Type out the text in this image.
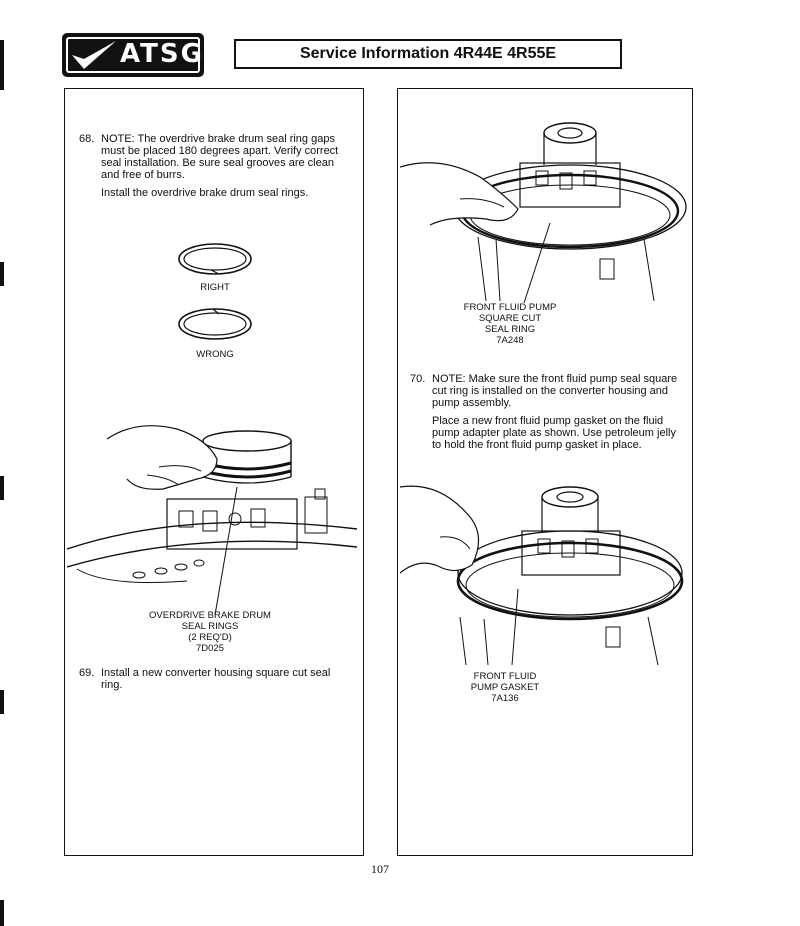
ATSG	Service Information 4R44E 4R55E
68. NOTE: The overdrive brake drum seal ring gaps
must be placed 180 degrees apart. Verify correct
seal installation. Be sure seal grooves are clean
and free of burrs.

Install the overdrive brake drum seal rings.

RIGHT
WRONG
OVERDRIVE BRAKE DRUM
SEAL RINGS
(2 REQ'D)
7D025
69. Install a new converter housing square cut seal
ring.
FRONT FLUID PUMP
SQUARE CUT
SEAL RING
7A248
70. NOTE: Make sure the front fluid pump seal square
cut ring is installed on the converter housing and
pump assembly.

Place a new front fluid pump gasket on the fluid
pump adapter plate as shown. Use petroleum jelly
to hold the front fluid pump gasket in place.

FRONT FLUID
PUMP GASKET
7A136
107
